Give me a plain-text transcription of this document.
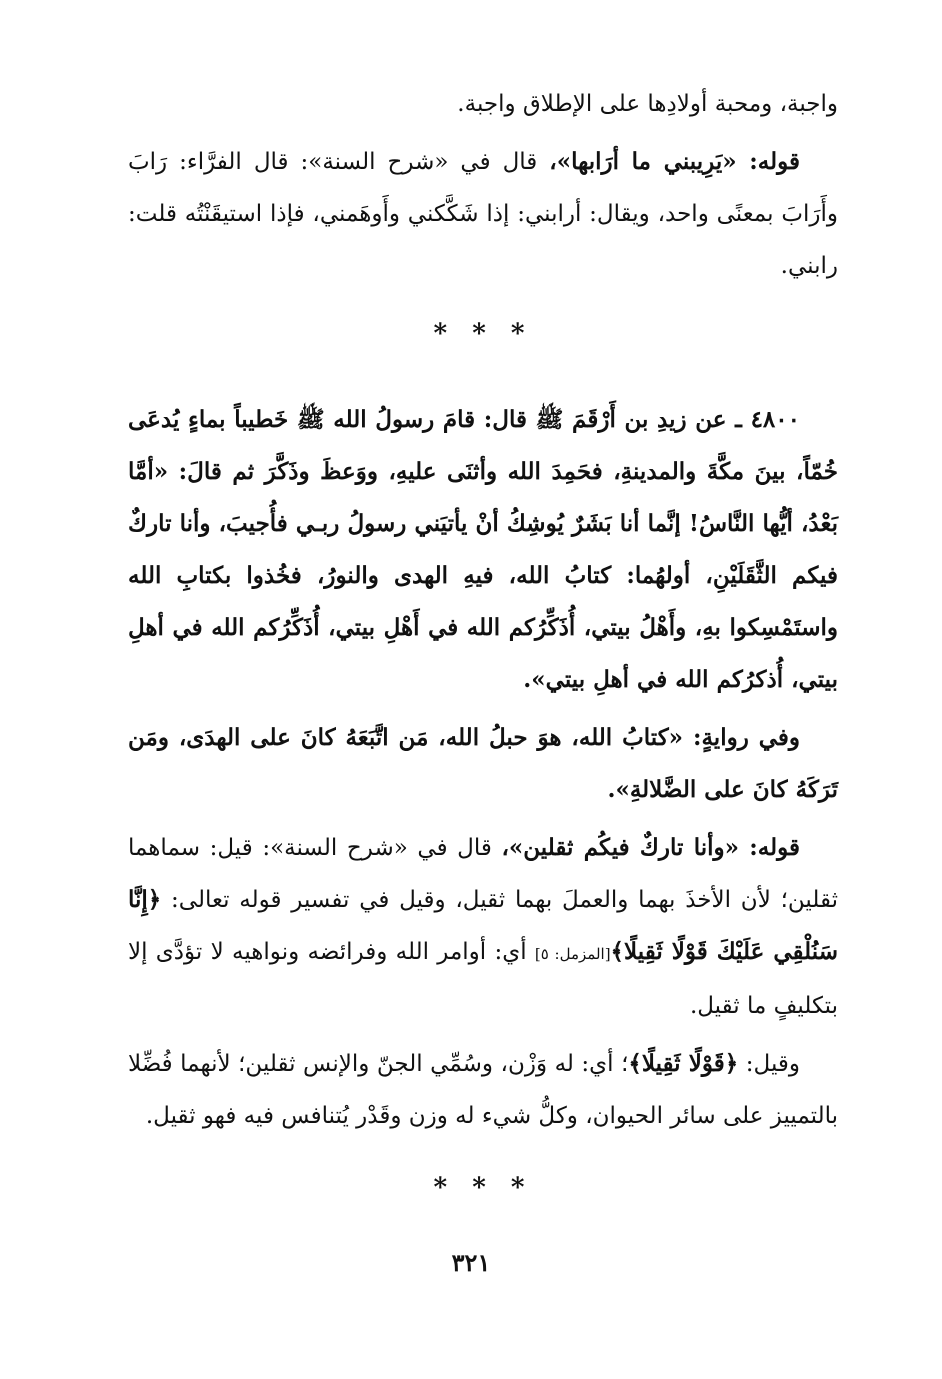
واجبة، ومحبة أولادِها على الإطلاق واجبة.

قوله: «يَرِيبني ما أرَابها»، قال في «شرح السنة»: قال الفرَّاء: رَابَ وأَرَابَ بمعنًى واحد، ويقال: أرابني: إذا شَكَّكني وأَوهَمني، فإذا استيقَنْتُه قلت: رابني.

* * *

٤٨٠٠ ـ عن زيدِ بن أَرْقَمَ ﷺ قال: قامَ رسولُ الله ﷺ خَطيباً بماءٍ يُدعَى خُمّاً، بينَ مكَّةَ والمدينةِ، فحَمِدَ الله وأثنَى عليهِ، ووَعظَ وذَكَّرَ ثم قالَ: «أمَّا بَعْدُ، أيُّها النَّاسُ! إنَّما أنا بَشَرٌ يُوشِكُ أنْ يأتيَني رسولُ ربـي فأُجيبَ، وأنا تاركٌ فيكم الثَّقَلَيْنِ، أولهُما: كتابُ الله، فيهِ الهدى والنورُ، فخُذوا بكتابِ الله واستَمْسِكوا بهِ، وأَهْلُ بيتي، أُذَكِّرُكم الله في أَهْلِ بيتي، أُذَكِّرُكم الله في أهلِ بيتي، أُذكرُكم الله في أهلِ بيتي».

وفي روايةٍ: «كتابُ الله، هوَ حبلُ الله، مَن اتَّبَعَهُ كانَ على الهدَى، ومَن تَرَكَهُ كانَ على الضَّلالةِ».

قوله: «وأنا تاركٌ فيكُم ثقلين»، قال في «شرح السنة»: قيل: سماهما ثقلين؛ لأن الأخذَ بهما والعملَ بهما ثقيل، وقيل في تفسير قوله تعالى: ﴿إِنَّا سَنُلْقِي عَلَيْكَ قَوْلًا ثَقِيلًا﴾[المزمل: ٥] أي: أوامر الله وفرائضه ونواهيه لا تؤدَّى إلا بتكليفٍ ما ثقيل.

وقيل: ﴿قَوْلًا ثَقِيلًا﴾؛ أي: له وَزْن، وسُمِّي الجنّ والإنس ثقلين؛ لأنهما فُضِّلا بالتمييز على سائر الحيوان، وكلُّ شيء له وزن وقَدْر يُتنافس فيه فهو ثقيل.

* * *
٣٢١
